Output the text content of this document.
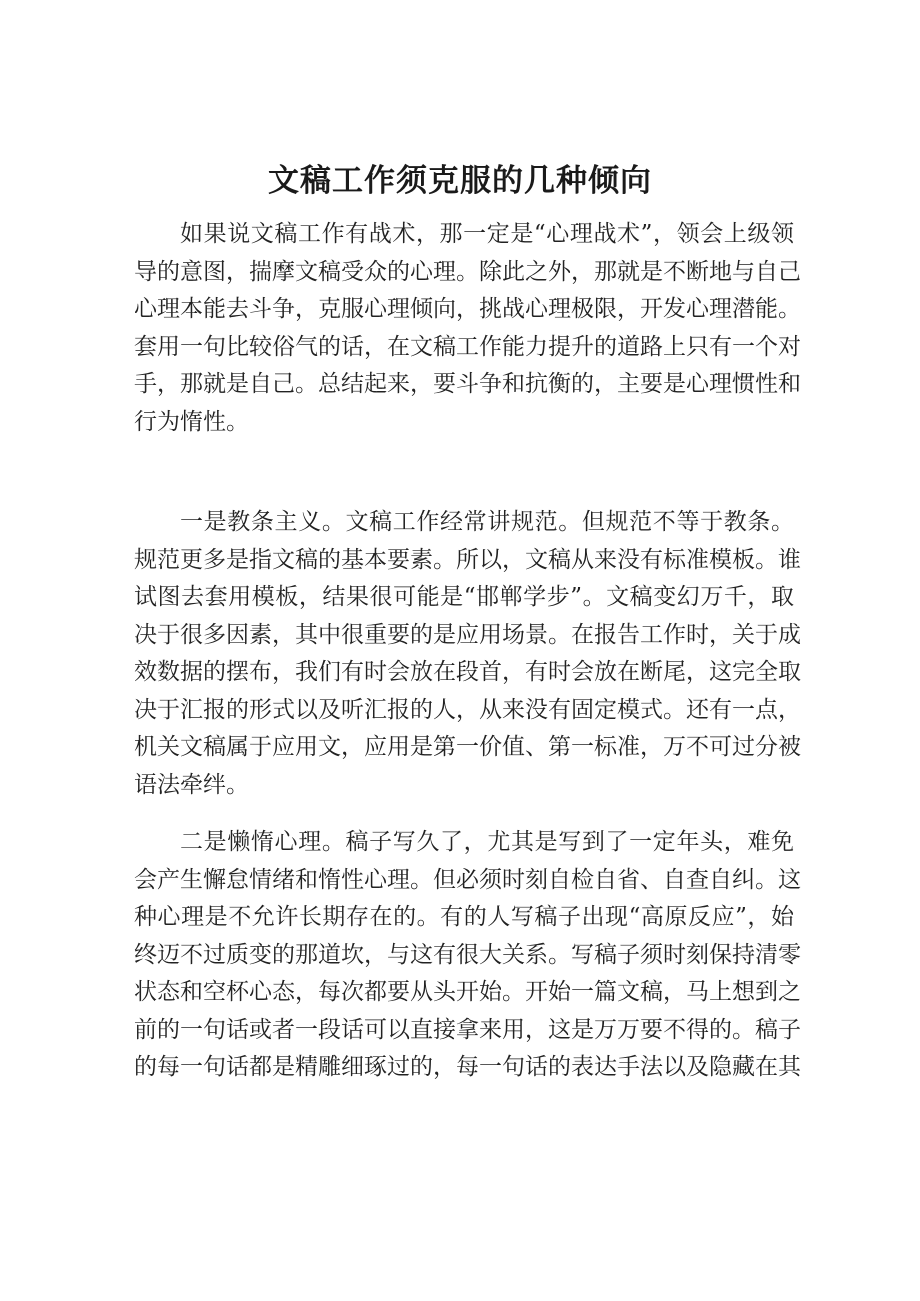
文稿工作须克服的几种倾向
如果说文稿工作有战术，那一定是“心理战术”，领会上级领
导的意图，揣摩文稿受众的心理。除此之外，那就是不断地与自己
心理本能去斗争，克服心理倾向，挑战心理极限，开发心理潜能。
套用一句比较俗气的话，在文稿工作能力提升的道路上只有一个对
手，那就是自己。总结起来，要斗争和抗衡的，主要是心理惯性和
行为惰性。
一是教条主义。文稿工作经常讲规范。但规范不等于教条。
规范更多是指文稿的基本要素。所以，文稿从来没有标准模板。谁
试图去套用模板，结果很可能是“邯郸学步”。文稿变幻万千，取
决于很多因素，其中很重要的是应用场景。在报告工作时，关于成
效数据的摆布，我们有时会放在段首，有时会放在断尾，这完全取
决于汇报的形式以及听汇报的人，从来没有固定模式。还有一点，
机关文稿属于应用文，应用是第一价值、第一标准，万不可过分被
语法牵绊。
二是懒惰心理。稿子写久了，尤其是写到了一定年头，难免
会产生懈怠情绪和惰性心理。但必须时刻自检自省、自查自纠。这
种心理是不允许长期存在的。有的人写稿子出现“高原反应”，始
终迈不过质变的那道坎，与这有很大关系。写稿子须时刻保持清零
状态和空杯心态，每次都要从头开始。开始一篇文稿，马上想到之
前的一句话或者一段话可以直接拿来用，这是万万要不得的。稿子
的每一句话都是精雕细琢过的，每一句话的表达手法以及隐藏在其
